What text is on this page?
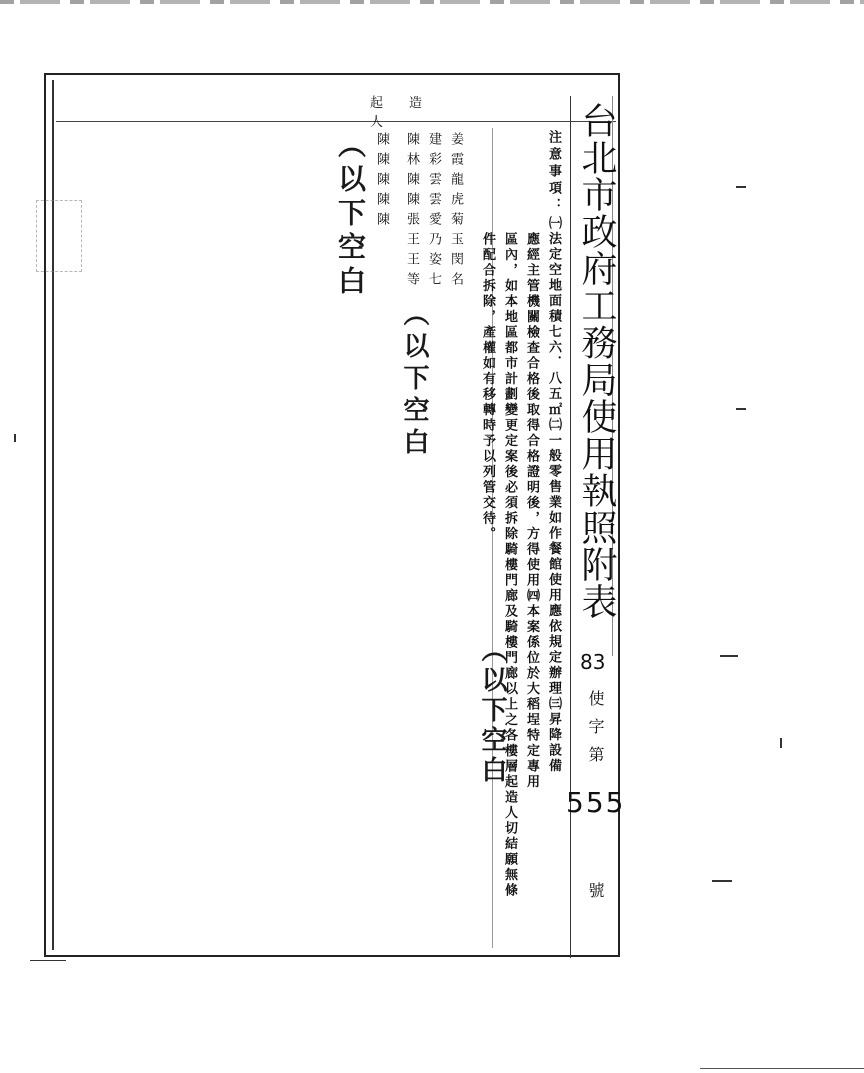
台北市政府工務局使用執照附表
83
使字第
555
號
注意事項：
㈠法定空地面積七六．八五㎡㈡一般零售業如作餐館使用應依規定辦理㈢昇降設備
應經主管機關檢查合格後取得合格證明後，方得使用㈣本案係位於大稻埕特定專用
區內，如本地區都市計劃變更定案後必須拆除騎樓門廊及騎樓門廊以上之各樓層起造人切結願無條
件配合拆除，產權如有移轉時予以列管交待。
起造人
姜霞龍虎菊玉閔名
建彩雲雲愛乃姿七
陳林陳陳張王王等
陳陳陳陳陳
（以下空白
（以下空白
（以下空白
